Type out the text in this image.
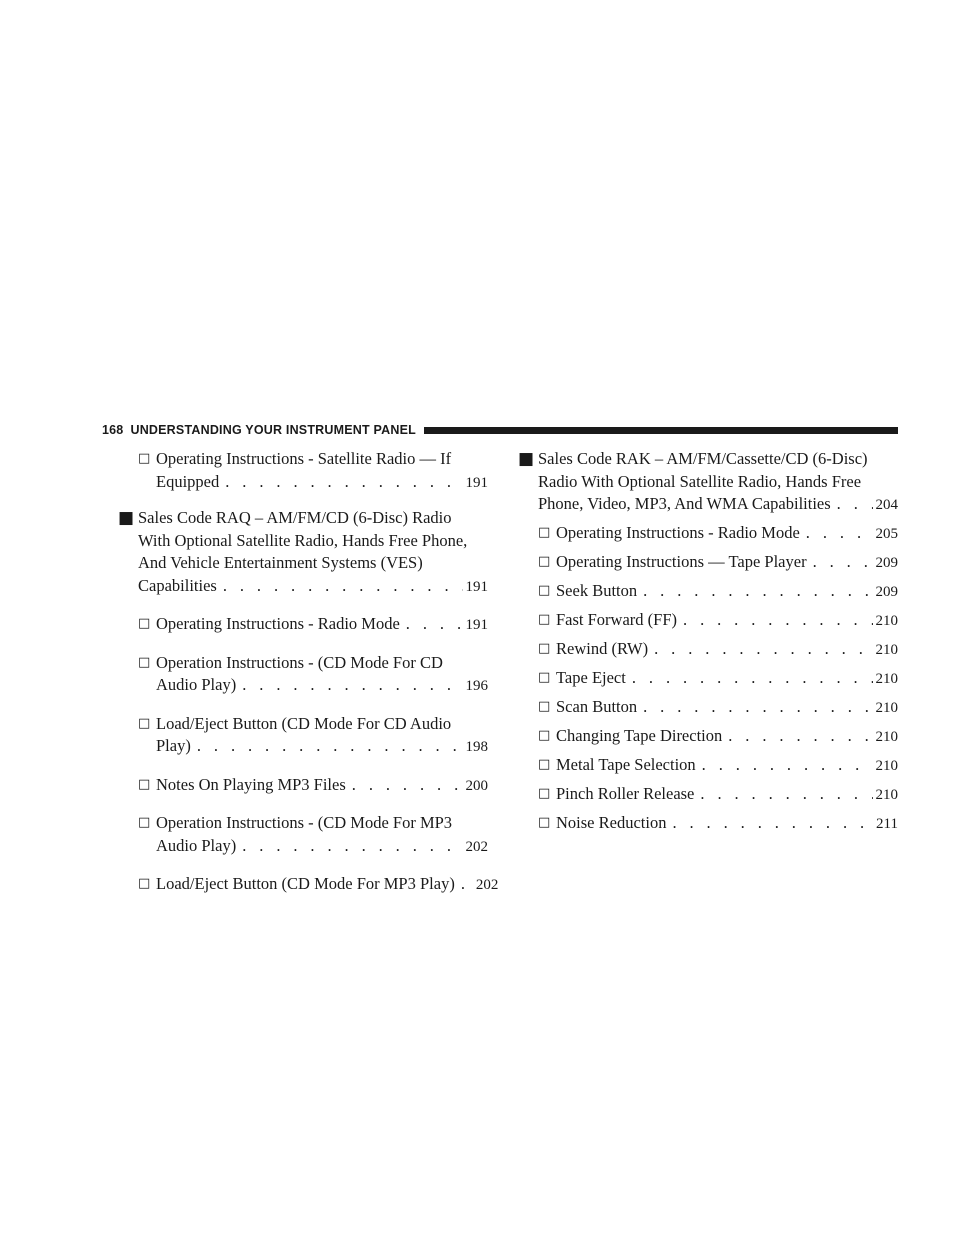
168 UNDERSTANDING YOUR INSTRUMENT PANEL
□ Operating Instructions - Satellite Radio — If
Equipped . . .	191
■ Sales Code RAQ – AM/FM/CD (6-Disc) Radio
With Optional Satellite Radio, Hands Free Phone,
And Vehicle Entertainment Systems (VES)
Capabilities . . .	191
□ Operating Instructions - Radio Mode . . .	191
□ Operation Instructions - (CD Mode For CD
Audio Play) . . .	196
□ Load/Eject Button (CD Mode For CD Audio
Play) . . .	198
□ Notes On Playing MP3 Files . . .	200
□ Operation Instructions - (CD Mode For MP3
Audio Play) . . .	202
□ Load/Eject Button (CD Mode For MP3 Play) . . . 202
■ Sales Code RAK – AM/FM/Cassette/CD (6-Disc)
Radio With Optional Satellite Radio, Hands Free
Phone, Video, MP3, And WMA Capabilities . . .	204
□ Operating Instructions - Radio Mode . . .	205
□ Operating Instructions — Tape Player . . .	209
□ Seek Button . . .	209
□ Fast Forward (FF) . . .	210
□ Rewind (RW) . . .	210
□ Tape Eject . . .	210
□ Scan Button . . .	210
□ Changing Tape Direction . . .	210
□ Metal Tape Selection . . .	210
□ Pinch Roller Release . . .	210
□ Noise Reduction . . .	211
